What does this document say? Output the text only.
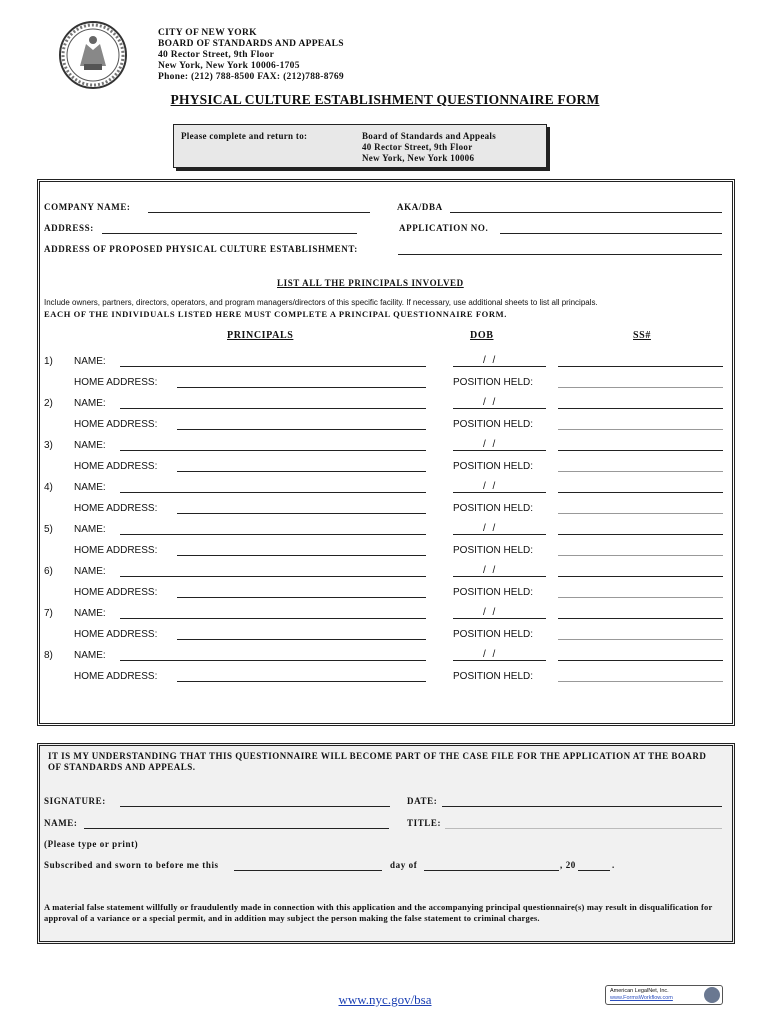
CITY OF NEW YORK
BOARD OF STANDARDS AND APPEALS
40 Rector Street, 9th Floor
New York, New York 10006-1705
Phone: (212) 788-8500 FAX: (212)788-8769
PHYSICAL CULTURE ESTABLISHMENT QUESTIONNAIRE FORM
Please complete and return to:	Board of Standards and Appeals
40 Rector Street, 9th Floor
New York, New York 10006
COMPANY NAME:	AKA/DBA
ADDRESS:	APPLICATION NO.
ADDRESS OF PROPOSED PHYSICAL CULTURE ESTABLISHMENT:
LIST ALL THE PRINCIPALS INVOLVED
Include owners, partners, directors, operators, and program managers/directors of this specific facility. If necessary, use additional sheets to list all principals.
EACH OF THE INDIVIDUALS LISTED HERE MUST COMPLETE A PRINCIPAL QUESTIONNAIRE FORM.
PRINCIPALS	DOB	SS#
1) NAME:	/ /
HOME ADDRESS:	POSITION HELD:
2) NAME:	/ /
HOME ADDRESS:	POSITION HELD:
3) NAME:	/ /
HOME ADDRESS:	POSITION HELD:
4) NAME:	/ /
HOME ADDRESS:	POSITION HELD:
5) NAME:	/ /
HOME ADDRESS:	POSITION HELD:
6) NAME:	/ /
HOME ADDRESS:	POSITION HELD:
7) NAME:	/ /
HOME ADDRESS:	POSITION HELD:
8) NAME:	/ /
HOME ADDRESS:	POSITION HELD:
IT IS MY UNDERSTANDING THAT THIS QUESTIONNAIRE WILL BECOME PART OF THE CASE FILE FOR THE APPLICATION AT THE BOARD OF STANDARDS AND APPEALS.
SIGNATURE:	DATE:
NAME:	TITLE:
(Please type or print)
Subscribed and sworn to before me this	day of	, 20	.
A material false statement willfully or fraudulently made in connection with this application and the accompanying principal questionnaire(s) may result in disqualification for approval of a variance or a special permit, and in addition may subject the person making the false statement to criminal charges.
www.nyc.gov/bsa
American LegalNet, Inc.
www.FormsWorkflow.com
